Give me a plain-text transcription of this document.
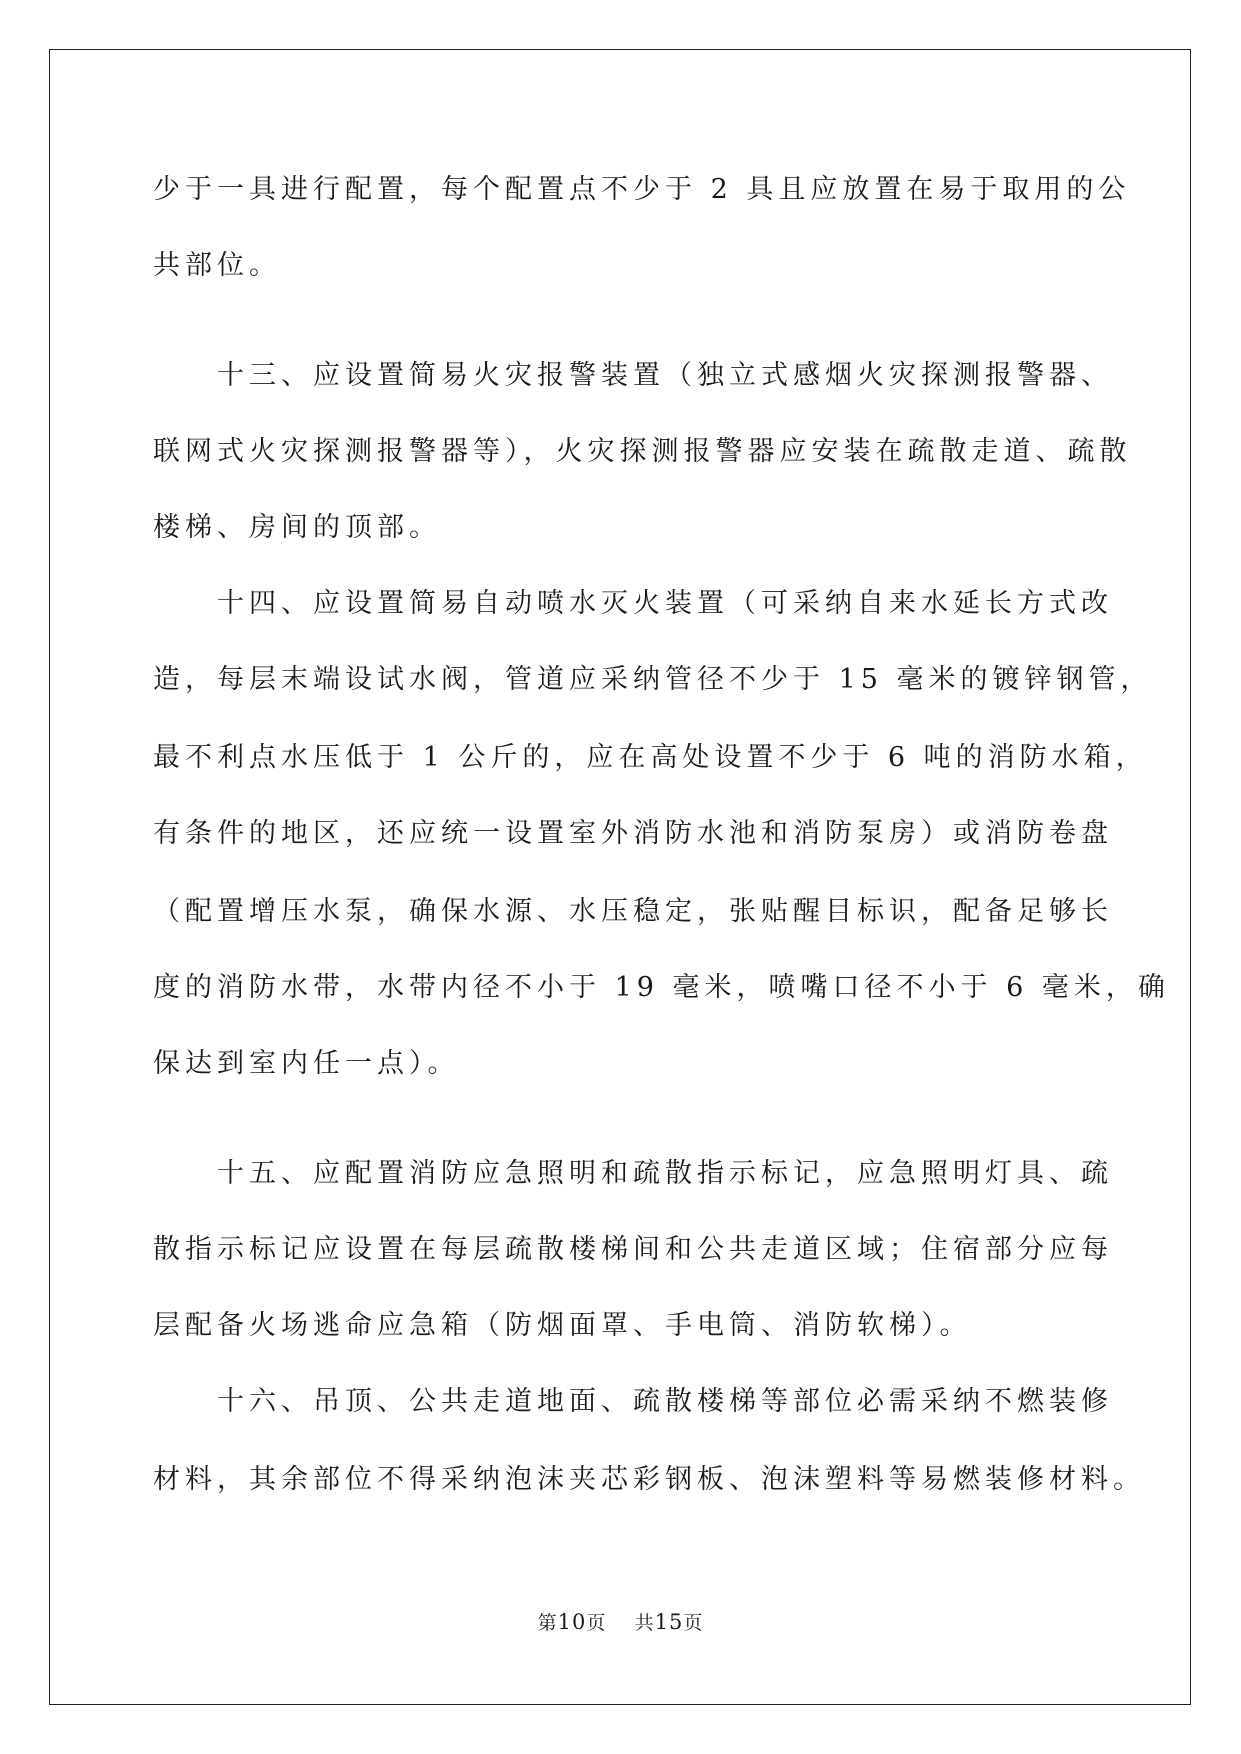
少于一具进行配置，每个配置点不少于 2 具且应放置在易于取用的公
共部位。
　　十三、应设置简易火灾报警装置（独立式感烟火灾探测报警器、
联网式火灾探测报警器等），火灾探测报警器应安装在疏散走道、疏散
楼梯、房间的顶部。
　　十四、应设置简易自动喷水灭火装置（可采纳自来水延长方式改
造，每层末端设试水阀，管道应采纳管径不少于 15 毫米的镀锌钢管，
最不利点水压低于 1 公斤的，应在高处设置不少于 6 吨的消防水箱，
有条件的地区，还应统一设置室外消防水池和消防泵房）或消防卷盘
（配置增压水泵，确保水源、水压稳定，张贴醒目标识，配备足够长
度的消防水带，水带内径不小于 19 毫米，喷嘴口径不小于 6 毫米，确
保达到室内任一点）。
　　十五、应配置消防应急照明和疏散指示标记，应急照明灯具、疏
散指示标记应设置在每层疏散楼梯间和公共走道区域；住宿部分应每
层配备火场逃命应急箱（防烟面罩、手电筒、消防软梯）。
　　十六、吊顶、公共走道地面、疏散楼梯等部位必需采纳不燃装修
材料，其余部位不得采纳泡沫夹芯彩钢板、泡沫塑料等易燃装修材料。
第10页 共15页
